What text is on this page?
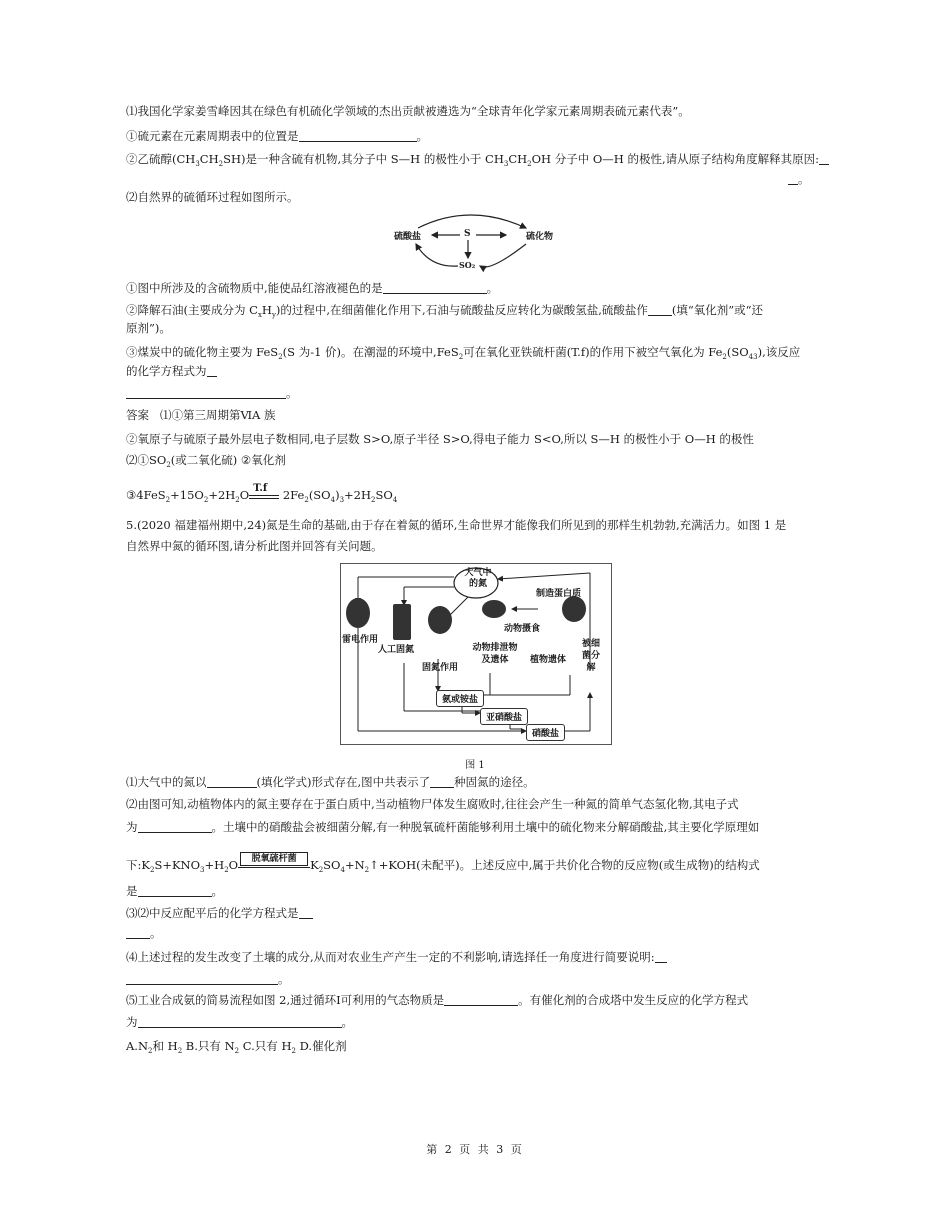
⑴我国化学家姜雪峰因其在绿色有机硫化学领域的杰出贡献被遴选为“全球青年化学家元素周期表硫元素代表”。
①硫元素在元素周期表中的位置是	。
②乙硫醇$(CH_3CH_2SH)$是一种含硫有机物,其分子中 S—H 的极性小于 $CH_3CH_2OH$ 分子中 O—H 的极性,请从原子结构角度解释其原因:
。
⑵自然界的硫循环过程如图所示。
硫酸盐	S	硫化物
SO₂
①图中所涉及的含硫物质中,能使品红溶液褪色的是	。
②降解石油(主要成分为 $C_xH_y$)的过程中,在细菌催化作用下,石油与硫酸盐反应转化为碳酸氢盐,硫酸盐作 (填“氧化剂”或“还
原剂”)。
③煤炭中的硫化物主要为 FeS$_2$(S 为-1 价)。在潮湿的环境中,FeS$_2$可在氧化亚铁硫杆菌(T.f)的作用下被空气氧化为 $Fe_2(SO_{43})$,该反应
的化学方程式为
。
答案 ⑴①第三周期第ⅥA 族
②氧原子与硫原子最外层电子数相同,电子层数 S>O,原子半径 S>O,得电子能力 S<O,所以 S—H 的极性小于 O—H 的极性
$⑵①SO_2$(或二氧化硫) ②氧化剂
$③4FeS_2+15O_2+2H_2O$ T.f $2Fe_2(SO_4)_3+2H_2SO_4$
5.(2020 福建福州期中,24)氮是生命的基础,由于存在着氮的循环,生命世界才能像我们所见到的那样生机勃勃,充满活力。如图 1 是
自然界中氮的循环图,请分析此图并回答有关问题。
大气中的氮
雷电作用
人工固氮
固氮作用
动物排泄物及遗体
动物摄食
制造蛋白质
植物遗体
被细菌分解
氨或铵盐
亚硝酸盐
硝酸盐
图 1
⑴大气中的氮以	(填化学式)形式存在,图中共表示了 种固氮的途径。
⑵由图可知,动植物体内的氮主要存在于蛋白质中,当动植物尸体发生腐败时,往往会产生一种氮的简单气态氢化物,其电子式
为	。土壤中的硝酸盐会被细菌分解,有一种脱氧硫杆菌能够利用土壤中的硫化物来分解硝酸盐,其主要化学原理如
下$:K_2S+KNO_3+H_2O$	脱氧硫杆菌	$K_2SO_4+N_2↑+KOH$(未配平)。上述反应中,属于共价化合物的反应物(或生成物)的结构式
是	。
⑶⑵中反应配平后的化学方程式是
。
⑷上述过程的发生改变了土壤的成分,从而对农业生产产生一定的不利影响,请选择任一角度进行简要说明:
。
⑸工业合成氨的简易流程如图 2,通过循环Ⅰ可利用的气态物质是	。有催化剂的合成塔中发生反应的化学方程式
为	。
$A.N_2$和 $H_2$ B.只有 $N_2$ C.只有 $H_2$ D.催化剂
第 2 页 共 3 页
